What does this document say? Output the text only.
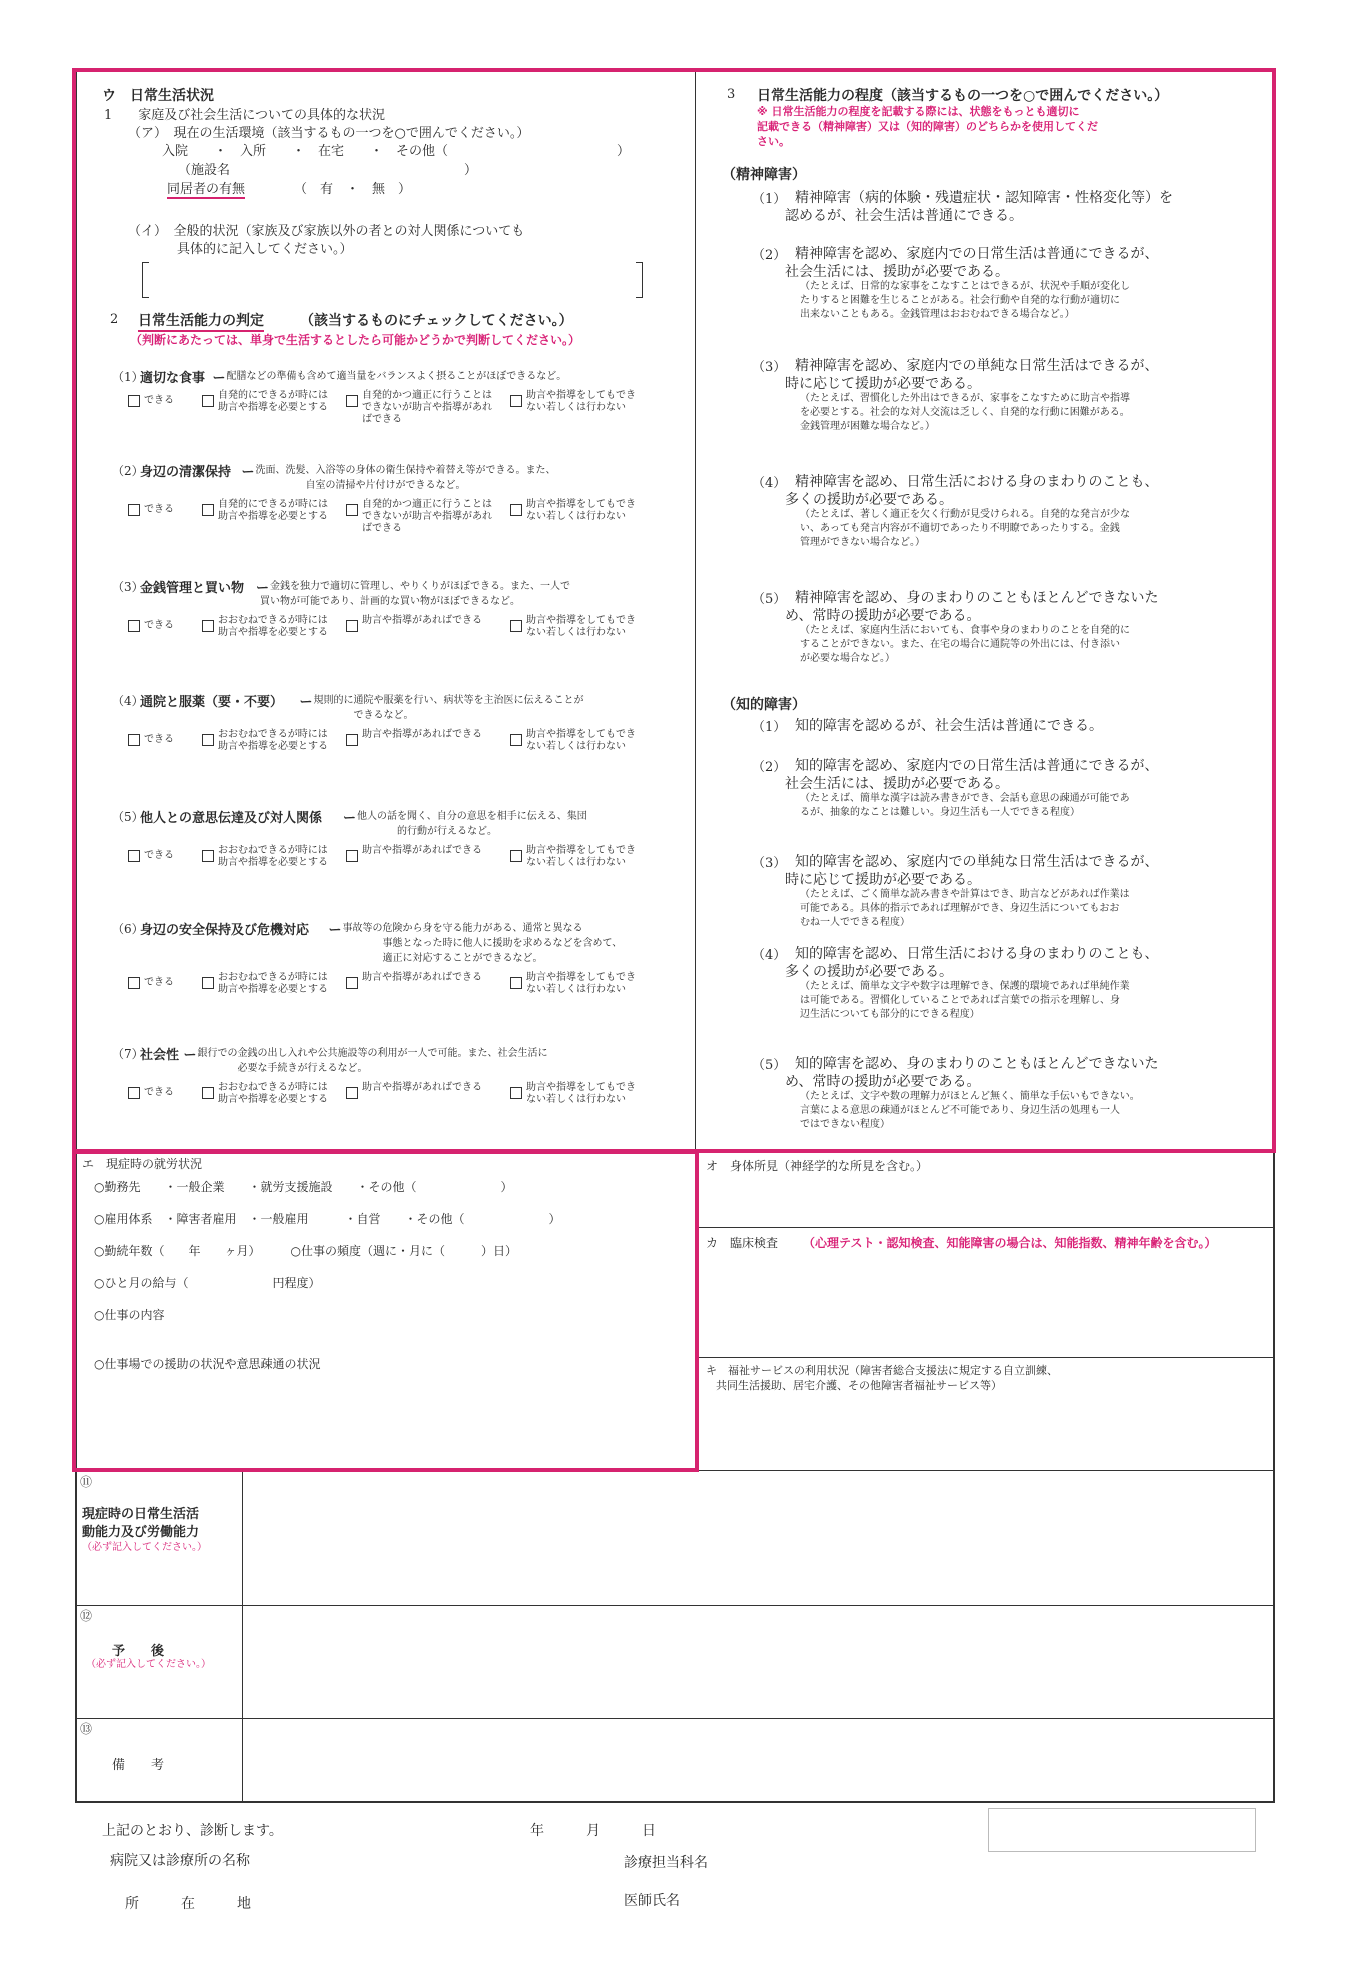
ウ　日常生活状況
1　　家庭及び社会生活についての具体的な状況
（ア）　現在の生活環境（該当するもの一つを○で囲んでください。）
入院　　・　入所　　・　在宅　　・　その他（　　　　　　　　　　　　　）
（施設名　　　　　　　　　　　　　　　　　　）
同居者の有無	（　有　・　無　）
（イ）　全般的状況（家族及び家族以外の者との対人関係についても
具体的に記入してください。）
2 日常生活能力の判定	（該当するものにチェックしてください。）
（判断にあたっては、単身で生活するとしたら可能かどうかで判断してください。）
（1）
適切な食事 ー 配膳などの準備も含めて適当量をバランスよく摂ることがほぼできるなど。
できる	自発的にできるが時には助言や指導を必要とする
自発的かつ適正に行うことはできないが助言や指導があればできる
助言や指導をしてもできない若しくは行わない
（2）
身辺の清潔保持 ー 洗面、洗髪、入浴等の身体の衛生保持や着替え等ができる。また、
自室の清掃や片付けができるなど。
できる	自発的にできるが時には助言や指導を必要とする
自発的かつ適正に行うことはできないが助言や指導があればできる
助言や指導をしてもできない若しくは行わない
（3）
金銭管理と買い物 ー 金銭を独力で適切に管理し、やりくりがほぼできる。また、一人で
買い物が可能であり、計画的な買い物がほぼできるなど。
できる	おおむねできるが時には助言や指導を必要とする
助言や指導があればできる	助言や指導をしてもできない若しくは行わない
（4）
通院と服薬（要・不要） ー 規則的に通院や服薬を行い、病状等を主治医に伝えることが
できるなど。
できる	おおむねできるが時には助言や指導を必要とする
助言や指導があればできる	助言や指導をしてもできない若しくは行わない
（5）
他人との意思伝達及び対人関係 ー 他人の話を聞く、自分の意思を相手に伝える、集団
的行動が行えるなど。
できる	おおむねできるが時には助言や指導を必要とする
助言や指導があればできる	助言や指導をしてもできない若しくは行わない
（6）
身辺の安全保持及び危機対応 ー 事故等の危険から身を守る能力がある、通常と異なる
事態となった時に他人に援助を求めるなどを含めて、
適正に対応することができるなど。
できる	おおむねできるが時には助言や指導を必要とする
助言や指導があればできる	助言や指導をしてもできない若しくは行わない
（7）
社会性 ー 銀行での金銭の出し入れや公共施設等の利用が一人で可能。また、社会生活に
必要な手続きが行えるなど。
できる	おおむねできるが時には助言や指導を必要とする
助言や指導があればできる	助言や指導をしてもできない若しくは行わない
3 日常生活能力の程度（該当するもの一つを○で囲んでください。）
※ 日常生活能力の程度を記載する際には、状態をもっとも適切に
記載できる（精神障害）又は（知的障害）のどちらかを使用してくだ
さい。
（精神障害）
（1） 精神障害（病的体験・残遺症状・認知障害・性格変化等）を
認めるが、社会生活は普通にできる。
（2） 精神障害を認め、家庭内での日常生活は普通にできるが、
社会生活には、援助が必要である。
（たとえば、日常的な家事をこなすことはできるが、状況や手順が変化し
たりすると困難を生じることがある。社会行動や自発的な行動が適切に
出来ないこともある。金銭管理はおおむねできる場合など。）
（3） 精神障害を認め、家庭内での単純な日常生活はできるが、
時に応じて援助が必要である。
（たとえば、習慣化した外出はできるが、家事をこなすために助言や指導
を必要とする。社会的な対人交流は乏しく、自発的な行動に困難がある。
金銭管理が困難な場合など。）
（4） 精神障害を認め、日常生活における身のまわりのことも、
多くの援助が必要である。
（たとえば、著しく適正を欠く行動が見受けられる。自発的な発言が少な
い、あっても発言内容が不適切であったり不明瞭であったりする。金銭
管理ができない場合など。）
（5） 精神障害を認め、身のまわりのこともほとんどできないた
め、常時の援助が必要である。
（たとえば、家庭内生活においても、食事や身のまわりのことを自発的に
することができない。また、在宅の場合に通院等の外出には、付き添い
が必要な場合など。）
（知的障害）
（1） 知的障害を認めるが、社会生活は普通にできる。
（2） 知的障害を認め、家庭内での日常生活は普通にできるが、
社会生活には、援助が必要である。
（たとえば、簡単な漢字は読み書きができ、会話も意思の疎通が可能であ
るが、抽象的なことは難しい。身辺生活も一人でできる程度）
（3） 知的障害を認め、家庭内での単純な日常生活はできるが、
時に応じて援助が必要である。
（たとえば、ごく簡単な読み書きや計算はでき、助言などがあれば作業は
可能である。具体的指示であれば理解ができ、身辺生活についてもおお
むね一人でできる程度）
（4） 知的障害を認め、日常生活における身のまわりのことも、
多くの援助が必要である。
（たとえば、簡単な文字や数字は理解でき、保護的環境であれば単純作業
は可能である。習慣化していることであれば言葉での指示を理解し、身
辺生活についても部分的にできる程度）
（5） 知的障害を認め、身のまわりのこともほとんどできないた
め、常時の援助が必要である。
（たとえば、文字や数の理解力がほとんど無く、簡単な手伝いもできない。
言葉による意思の疎通がほとんど不可能であり、身辺生活の処理も一人
ではできない程度）
エ　現症時の就労状況
○勤務先　　・一般企業　　・就労支援施設　　・その他（　　　　　　　）
○雇用体系　・障害者雇用　・一般雇用　　　・自営　　・その他（　　　　　　　）
○勤続年数（　　年　　ヶ月）　　　○仕事の頻度（週に・月に（　　　）日）
○ひと月の給与（　　　　　　　円程度）
○仕事の内容
○仕事場での援助の状況や意思疎通の状況
オ　身体所見（神経学的な所見を含む。）
カ　臨床検査 （心理テスト・認知検査、知能障害の場合は、知能指数、精神年齢を含む。）
キ　福祉サービスの利用状況（障害者総合支援法に規定する自立訓練、
共同生活援助、居宅介護、その他障害者福祉サービス等）
⑪
現症時の日常生活活
動能力及び労働能力
（必ず記入してください。）
⑫
予　　後
（必ず記入してください。）
⑬
備　　考
上記のとおり、診断します。	年　　　月　　　日
病院又は診療所の名称	診療担当科名
所　　　在　　　地	医師氏名
